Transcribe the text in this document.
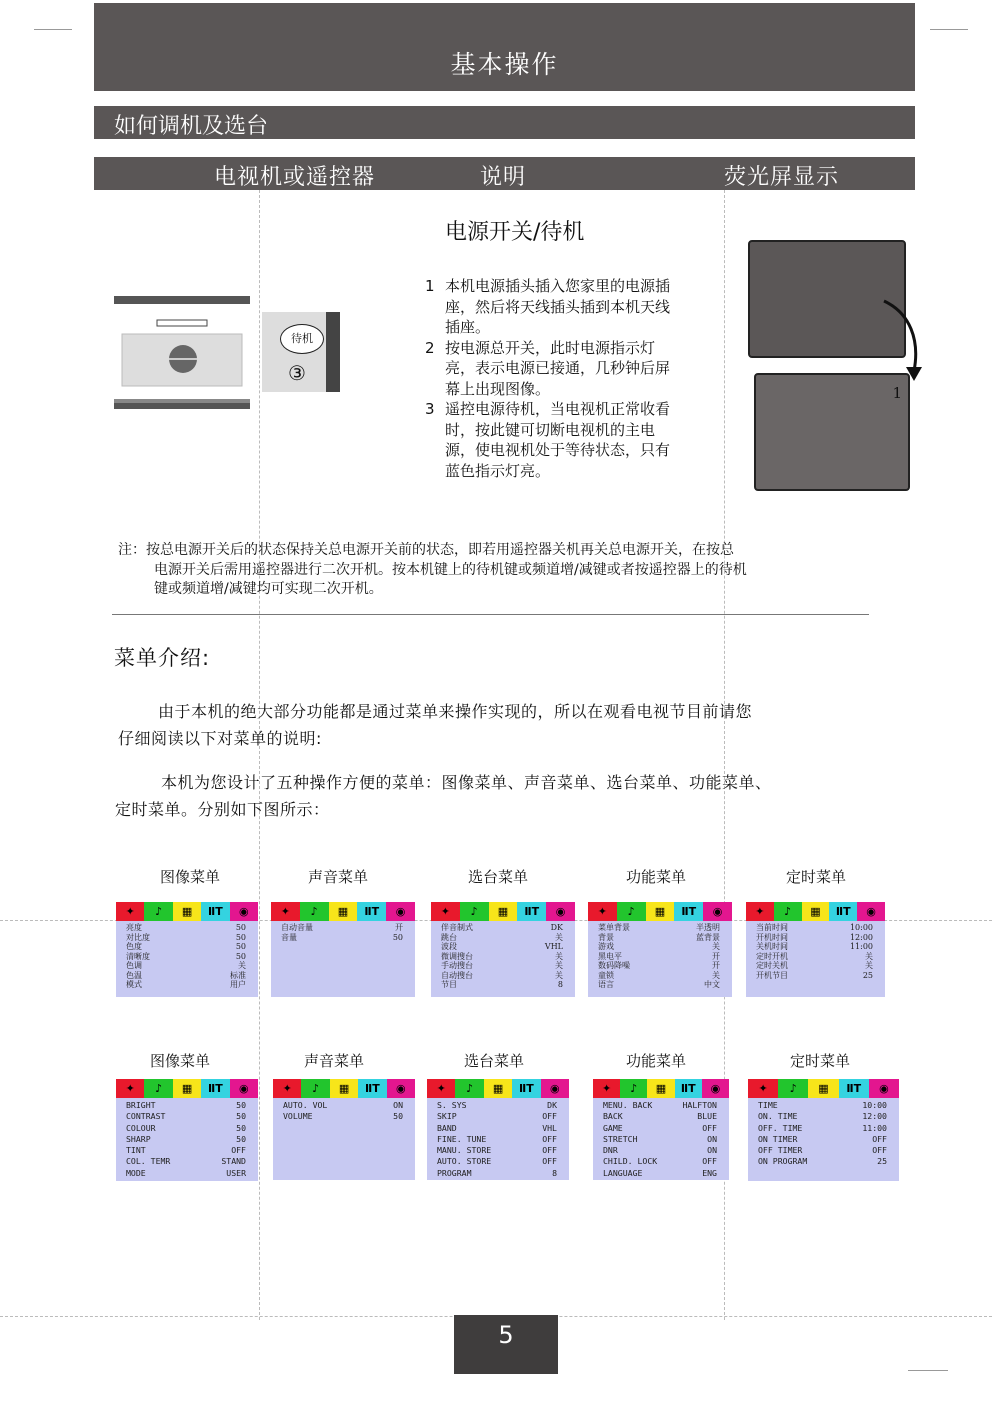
基本操作
如何调机及选台
电视机或遥控器	说明	荧光屏显示
待机
③
电源开关/待机
1 本机电源插头插入您家里的电源插
座，然后将天线插头插到本机天线
插座。
2 按电源总开关，此时电源指示灯
亮，表示电源已接通，几秒钟后屏
幕上出现图像。
3 遥控电源待机，当电视机正常收看
时，按此键可切断电视机的主电
源，使电视机处于等待状态，只有
蓝色指示灯亮。
1
注：按总电源开关后的状态保持关总电源开关前的状态，即若用遥控器关机再关总电源开关，在按总
电源开关后需用遥控器进行二次开机。按本机键上的待机键或频道增/减键或者按遥控器上的待机
键或频道增/减键均可实现二次开机。
菜单介绍:
由于本机的绝大部分功能都是通过菜单来操作实现的，所以在观看电视节目前请您
仔细阅读以下对菜单的说明:
本机为您设计了五种操作方便的菜单：图像菜单、声音菜单、选台菜单、功能菜单、
定时菜单。分别如下图所示：
图像菜单
✦	♪	▦	ⅡT	◉
亮度	50
对比度	50
色度	50
清晰度	50
色调	关
色温	标准
模式	用户
声音菜单
✦	♪	▦	ⅡT	◉
自动音量	开
音量	50
选台菜单
✦	♪	▦	ⅡT	◉
伴音制式	DK
跳台	关
波段	VHL
微调搜台	关
手动搜台	关
自动搜台	关
节目	8
功能菜单
✦	♪	▦	ⅡT	◉
菜单背景	半透明
背景	蓝背景
游戏	关
黑电平	开
数码降噪	开
童锁	关
语言	中文
定时菜单
✦	♪	▦	ⅡT	◉
当前时间	10:00
开机时间	12:00
关机时间	11:00
定时开机	关
定时关机	关
开机节目	25
图像菜单
✦	♪	▦	ⅡT	◉
BRIGHT	50
CONTRAST	50
COLOUR	50
SHARP	50
TINT	OFF
COL. TEMR	STAND
MODE	USER
声音菜单
✦	♪	▦	ⅡT	◉
AUTO. VOL	ON
VOLUME	50
选台菜单
✦	♪	▦	ⅡT	◉
S. SYS	DK
SKIP	OFF
BAND	VHL
FINE. TUNE	OFF
MANU. STORE	OFF
AUTO. STORE	OFF
PROGRAM	8
功能菜单
✦	♪	▦	ⅡT	◉
MENU. BACK	HALFTON
BACK	BLUE
GAME	OFF
STRETCH	ON
DNR	ON
CHILD. LOCK	OFF
LANGUAGE	ENG
定时菜单
✦	♪	▦	ⅡT	◉
TIME	10:00
ON. TIME	12:00
OFF. TIME	11:00
ON TIMER	OFF
OFF TIMER	OFF
ON PROGRAM	25
5
